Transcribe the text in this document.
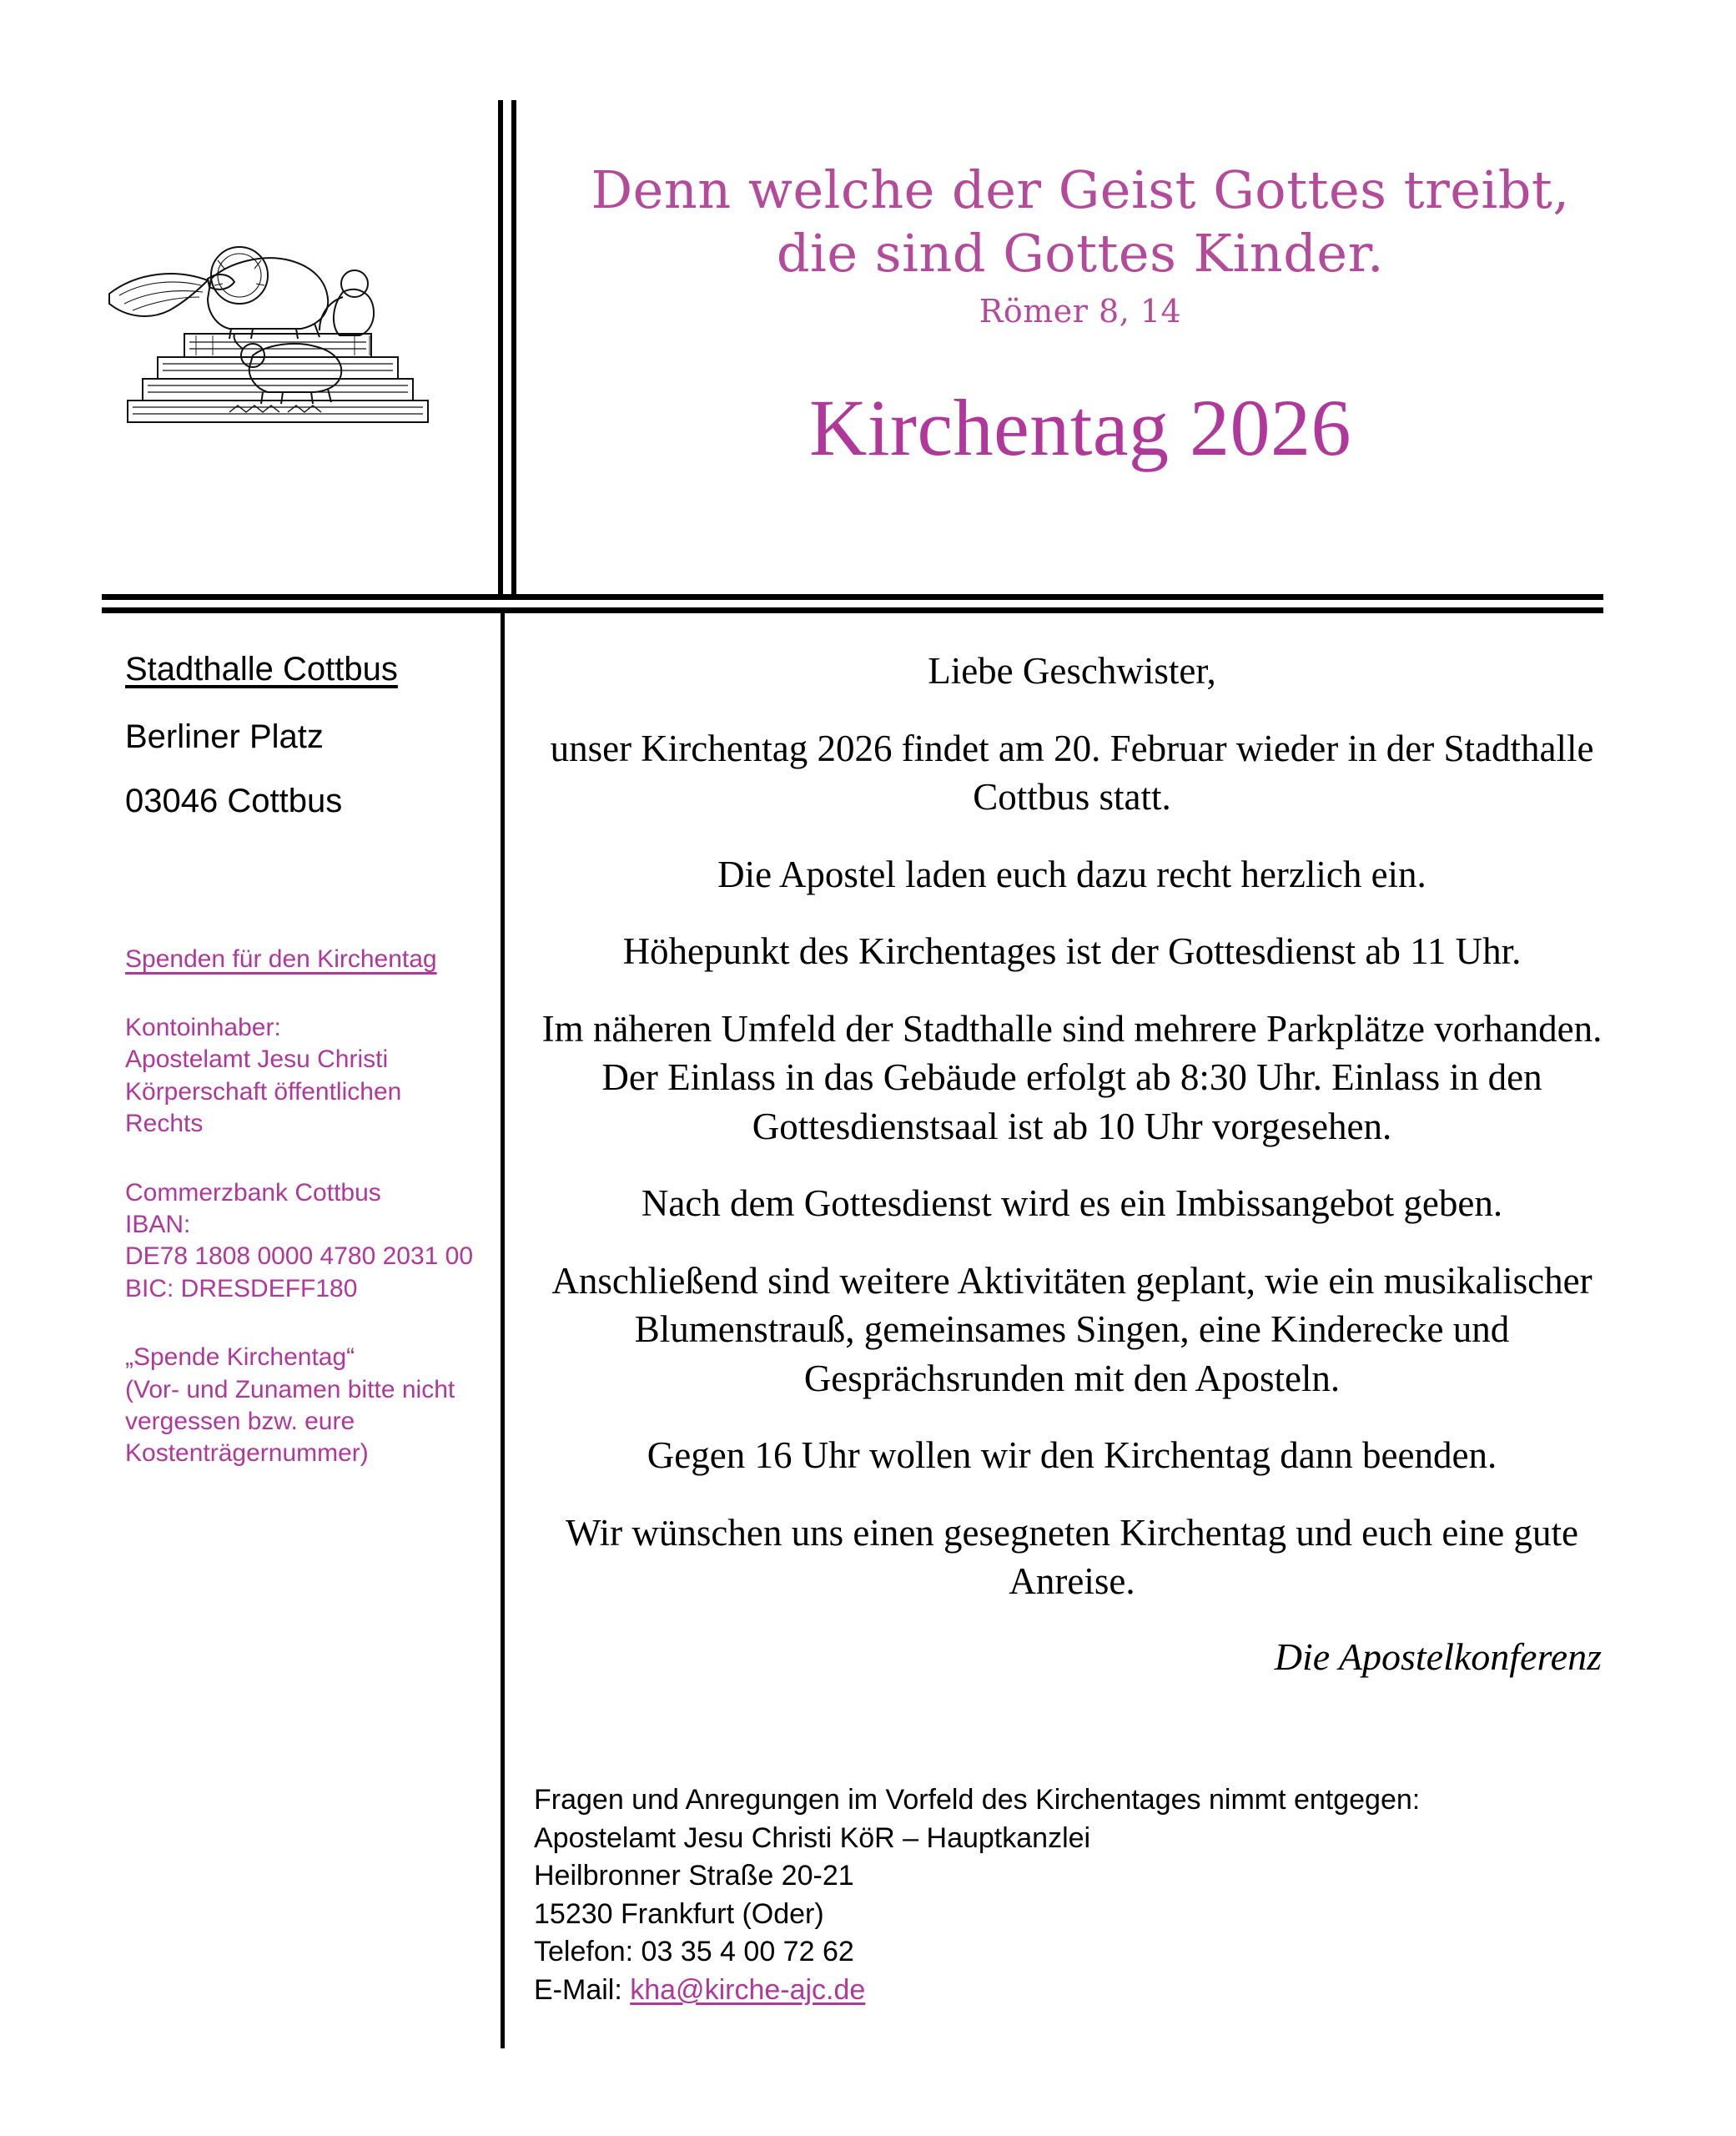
Denn welche der Geist Gottes treibt,
die sind Gottes Kinder.
Römer 8, 14
Kirchentag 2026
Stadthalle Cottbus
Berliner Platz
03046 Cottbus
Spenden für den Kirchentag
Kontoinhaber:
Apostelamt Jesu Christi
Körperschaft öffentlichen
Rechts
Commerzbank Cottbus
IBAN:
DE78 1808 0000 4780 2031 00
BIC: DRESDEFF180
„Spende Kirchentag“
(Vor- und Zunamen bitte nicht
vergessen bzw. eure
Kostenträgernummer)

Liebe Geschwister,

unser Kirchentag 2026 findet am 20. Februar wieder in der Stadthalle Cottbus statt.

Die Apostel laden euch dazu recht herzlich ein.

Höhepunkt des Kirchentages ist der Gottesdienst ab 11 Uhr.

Im näheren Umfeld der Stadthalle sind mehrere Parkplätze vorhanden. Der Einlass in das Gebäude erfolgt ab 8:30 Uhr. Einlass in den Gottesdienstsaal ist ab 10 Uhr vorgesehen.

Nach dem Gottesdienst wird es ein Imbissangebot geben.

Anschließend sind weitere Aktivitäten geplant, wie ein musikalischer Blumenstrauß, gemeinsames Singen, eine Kinderecke und Gesprächsrunden mit den Aposteln.

Gegen 16 Uhr wollen wir den Kirchentag dann beenden.

Wir wünschen uns einen gesegneten Kirchentag und euch eine gute Anreise.

Die Apostelkonferenz
Fragen und Anregungen im Vorfeld des Kirchentages nimmt entgegen:
Apostelamt Jesu Christi KöR – Hauptkanzlei
Heilbronner Straße 20-21
15230 Frankfurt (Oder)
Telefon: 03 35 4 00 72 62
E-Mail: kha@kirche-ajc.de
